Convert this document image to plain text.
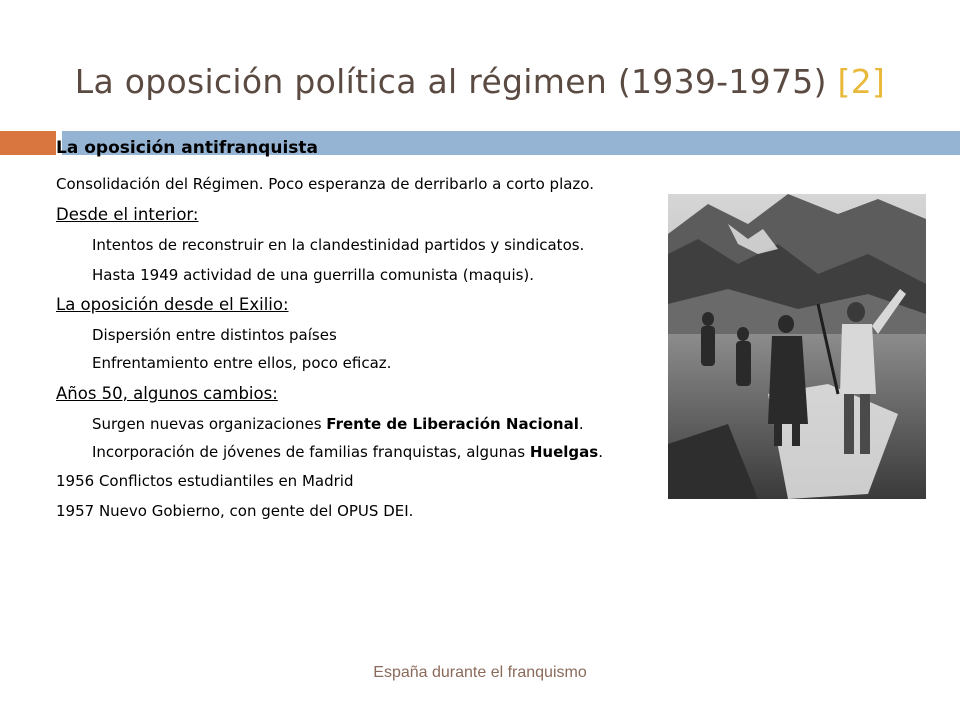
La oposición política al régimen (1939-1975) [2]
La oposición antifranquista
Consolidación del Régimen. Poco esperanza de derribarlo a corto plazo.
Desde el interior:
Intentos de reconstruir en la clandestinidad partidos y sindicatos.
Hasta 1949 actividad de una guerrilla comunista (maquis).
La oposición desde el Exilio:
Dispersión entre distintos países
Enfrentamiento entre ellos, poco eficaz.
Años 50, algunos cambios:
Surgen nuevas organizaciones Frente de Liberación Nacional.
Incorporación de jóvenes de familias franquistas, algunas Huelgas.
1956 Conflictos estudiantiles en Madrid
1957 Nuevo Gobierno, con gente del OPUS DEI.
España durante el franquismo
